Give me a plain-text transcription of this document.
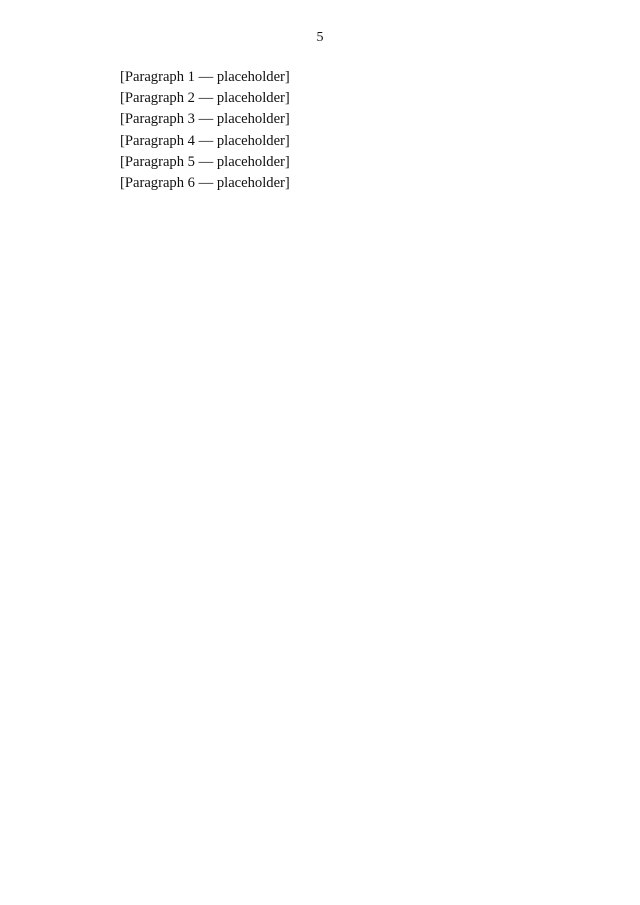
5

[Paragraph 1 — placeholder]

[Paragraph 2 — placeholder]

[Paragraph 3 — placeholder]

[Paragraph 4 — placeholder]

[Paragraph 5 — placeholder]

[Paragraph 6 — placeholder]
